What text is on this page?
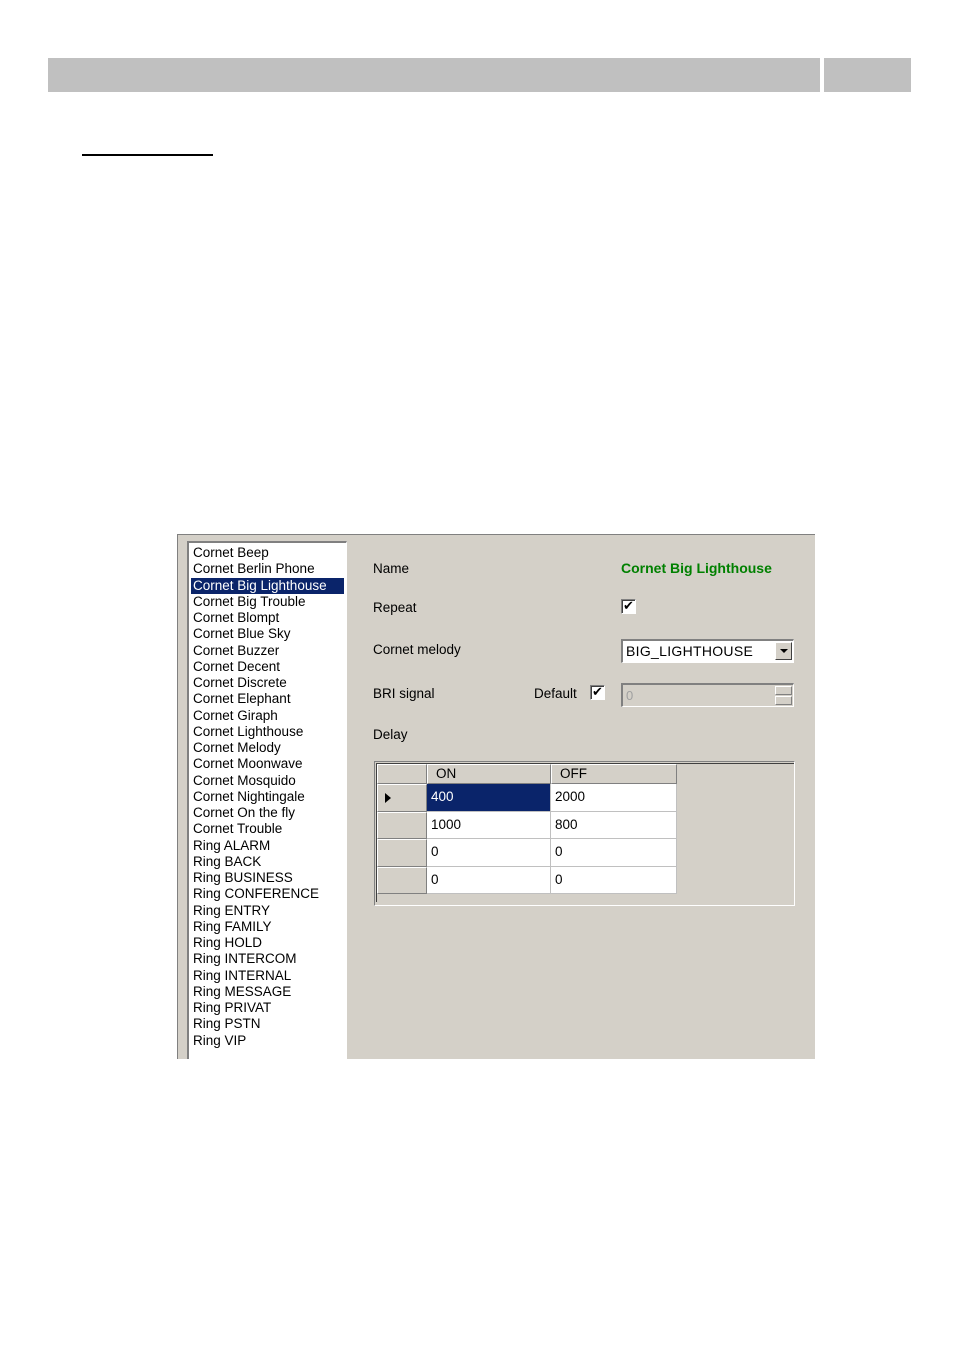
Cornet Beep
Cornet Berlin Phone
Cornet Big Lighthouse
Cornet Big Trouble
Cornet Blompt
Cornet Blue Sky
Cornet Buzzer
Cornet Decent
Cornet Discrete
Cornet Elephant
Cornet Giraph
Cornet Lighthouse
Cornet Melody
Cornet Moonwave
Cornet Mosquido
Cornet Nightingale
Cornet On the fly
Cornet Trouble
Ring ALARM
Ring BACK
Ring BUSINESS
Ring CONFERENCE
Ring ENTRY
Ring FAMILY
Ring HOLD
Ring INTERCOM
Ring INTERNAL
Ring MESSAGE
Ring PRIVAT
Ring PSTN
Ring VIP
Name	Cornet Big Lighthouse
Repeat	✔
Cornet melody	BIG_LIGHTHOUSE
BRI signal	Default ✔ 0
Delay
ON	OFF
400	2000
1000	800
0	0
0	0
